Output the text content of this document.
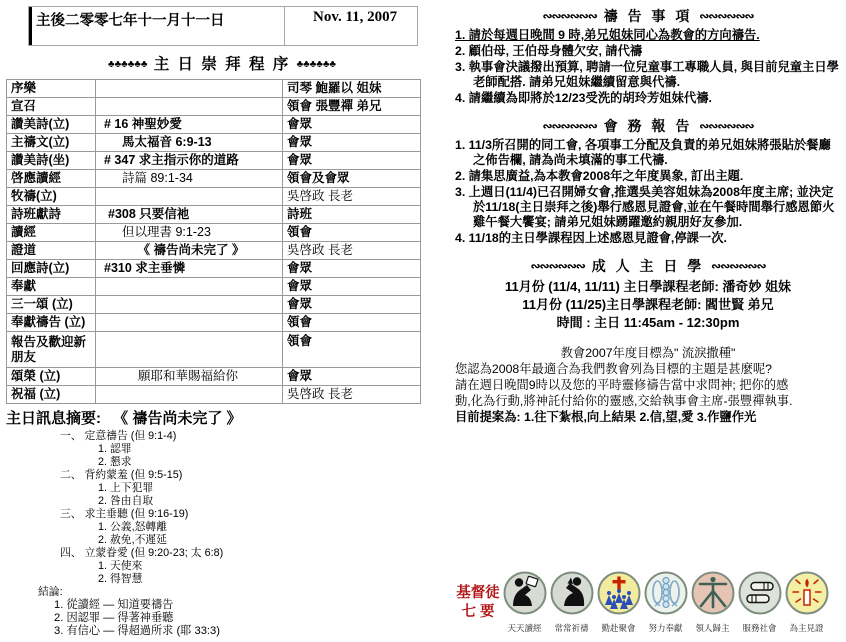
主後二零零七年十一月十一日	Nov. 11, 2007
♣♣♣♣♣♣ 主 日 崇 拜 程 序 ♣♣♣♣♣♣
序樂		司琴 鮑羅以 姐妹
宣召		領會 張豐禪 弟兄
讚美詩(立)	# 16 神聖妙愛	會眾
主禱文(立)	馬太福音 6:9-13	會眾
讚美詩(坐)	# 347 求主指示你的道路	會眾
啓應讀經	詩篇 89:1-34	領會及會眾
牧禱(立)		吳啓政 長老
詩班獻詩	#308 只要信祂	詩班
讀經	但以理書 9:1-23	領會
證道	《 禱告尚未完了 》	吳啓政 長老
回應詩(立)	#310 求主垂憐	會眾
奉獻		會眾
三一頌 (立)		會眾
奉獻禱告 (立)		領會
報告及歡迎新朋友		領會
頌榮 (立)	願耶和華賜福給你	會眾
祝福 (立)		吳啓政 長老
主日訊息摘要: 《 禱告尚未完了 》
一、 定意禱告 (但 9:1-4)
1. 認罪
2. 懇求
二、 背約蒙羞 (但 9:5-15)
1. 上下犯罪
2. 咎由自取
三、 求主垂聽 (但 9:16-19)
1. 公義,怒轉離
2. 赦免,不遲延
四、 立蒙眷愛 (但 9:20-23; 太 6:8)
1. 天使來
2. 得智慧
結論:
1. 從讀經 — 知道要禱告
2. 因認罪 — 得著神垂聽
3. 有信心 — 得超過所求 (耶 33:3)
∾∾∾∾∾∾ 禱 告 事 項 ∾∾∾∾∾∾
1. 請於每週日晚間 9 時,弟兄姐妹同心為教會的方向禱告.
2. 顧伯母, 王伯母身體欠安, 請代禱
3. 執事會決議撥出預算, 聘請一位兒童事工專職人員, 與目前兒童主日學老師配搭. 請弟兄姐妹繼續留意與代禱.
4. 請繼續為即將於12/23受洗的胡玲芳姐妹代禱.
∾∾∾∾∾∾ 會 務 報 告 ∾∾∾∾∾∾
1. 11/3所召開的同工會, 各項事工分配及負責的弟兄姐妹將張貼於餐廳之佈告欄, 請為尚未填滿的事工代禱.
2. 請集思廣益,為本教會2008年之年度異象, 訂出主題.
3. 上週日(11/4)已召開婦女會,推選吳美容姐妹為2008年度主席; 並決定於11/18(主日崇拜之後)舉行感恩見證會,並在午餐時間舉行感恩節火雞午餐大饗宴; 請弟兄姐妹踴躍邀約親朋好友參加.
4. 11/18的主日學課程因上述感恩見證會,停課一次.
∾∾∾∾∾∾ 成 人 主 日 學 ∾∾∾∾∾∾
11月份 (11/4, 11/11) 主日學課程老師: 潘奇妙 姐妹
11月份 (11/25)主日學課程老師: 閻世賢 弟兄
時間 : 主日 11:45am - 12:30pm
教會2007年度目標為" 流淚撒種"
您認為2008年最適合為我們教會列為目標的主題是甚麼呢?
請在週日晚間9時以及您的平時靈修禱告當中求問神; 把你的感
動,化為行動,將神託付給你的靈感,交給執事會主席-張豐禪執事.
目前提案為: 1.往下紮根,向上結果 2.信,望,愛 3.作鹽作光
基督徒
七 要
天天讀經 常常祈禱 勤赴聚會 努力奉獻 領人歸主 服務社會 為主見證
